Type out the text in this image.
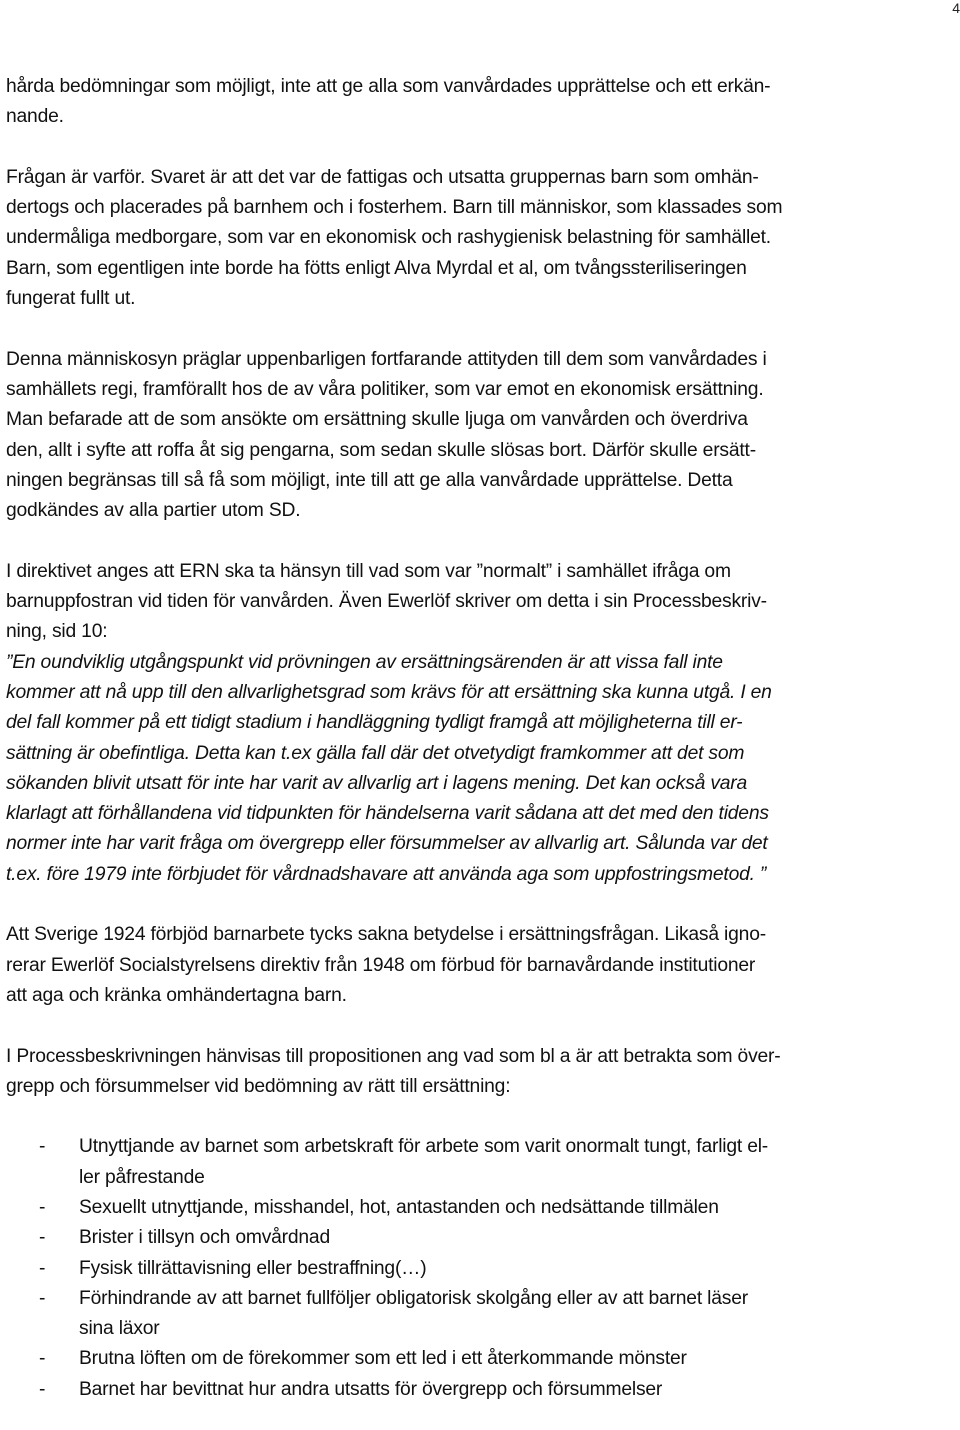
4

hårda bedömningar som möjligt, inte att ge alla som vanvårdades upprättelse och ett erkän-
nande.

Frågan är varför. Svaret är att det var de fattigas och utsatta gruppernas barn som omhän-
dertogs och placerades på barnhem och i fosterhem. Barn till människor, som klassades som
undermåliga medborgare, som var en ekonomisk och rashygienisk belastning för samhället.
Barn, som egentligen inte borde ha fötts enligt Alva Myrdal et al, om tvångssteriliseringen
fungerat fullt ut.

Denna människosyn präglar uppenbarligen fortfarande attityden till dem som vanvårdades i
samhällets regi, framförallt hos de av våra politiker, som var emot en ekonomisk ersättning.
Man befarade att de som ansökte om ersättning skulle ljuga om vanvården och överdriva
den, allt i syfte att roffa åt sig pengarna, som sedan skulle slösas bort. Därför skulle ersätt-
ningen begränsas till så få som möjligt, inte till att ge alla vanvårdade upprättelse. Detta
godkändes av alla partier utom SD.

I direktivet anges att ERN ska ta hänsyn till vad som var ”normalt” i samhället ifråga om
barnuppfostran vid tiden för vanvården. Även Ewerlöf skriver om detta i sin Processbeskriv-
ning, sid 10:
”En oundviklig utgångspunkt vid prövningen av ersättningsärenden är att vissa fall inte
kommer att nå upp till den allvarlighetsgrad som krävs för att ersättning ska kunna utgå. I en
del fall kommer på ett tidigt stadium i handläggning tydligt framgå att möjligheterna till er-
sättning är obefintliga. Detta kan t.ex gälla fall där det otvetydigt framkommer att det som
sökanden blivit utsatt för inte har varit av allvarlig art i lagens mening. Det kan också vara
klarlagt att förhållandena vid tidpunkten för händelserna varit sådana att det med den tidens
normer inte har varit fråga om övergrepp eller försummelser av allvarlig art. Sålunda var det
t.ex. före 1979 inte förbjudet för vårdnadshavare att använda aga som uppfostringsmetod. ”

Att Sverige 1924 förbjöd barnarbete tycks sakna betydelse i ersättningsfrågan. Likaså igno-
rerar Ewerlöf Socialstyrelsens direktiv från 1948 om förbud för barnavårdande institutioner
att aga och kränka omhändertagna barn.

I Processbeskrivningen hänvisas till propositionen ang vad som bl a är att betrakta som över-
grepp och försummelser vid bedömning av rätt till ersättning:

- Utnyttjande av barnet som arbetskraft för arbete som varit onormalt tungt, farligt el-
ler påfrestande
- Sexuellt utnyttjande, misshandel, hot, antastanden och nedsättande tillmälen
- Brister i tillsyn och omvårdnad
- Fysisk tillrättavisning eller bestraffning(…)
- Förhindrande av att barnet fullföljer obligatorisk skolgång eller av att barnet läser
sina läxor
- Brutna löften om de förekommer som ett led i ett återkommande mönster
- Barnet har bevittnat hur andra utsatts för övergrepp och försummelser
